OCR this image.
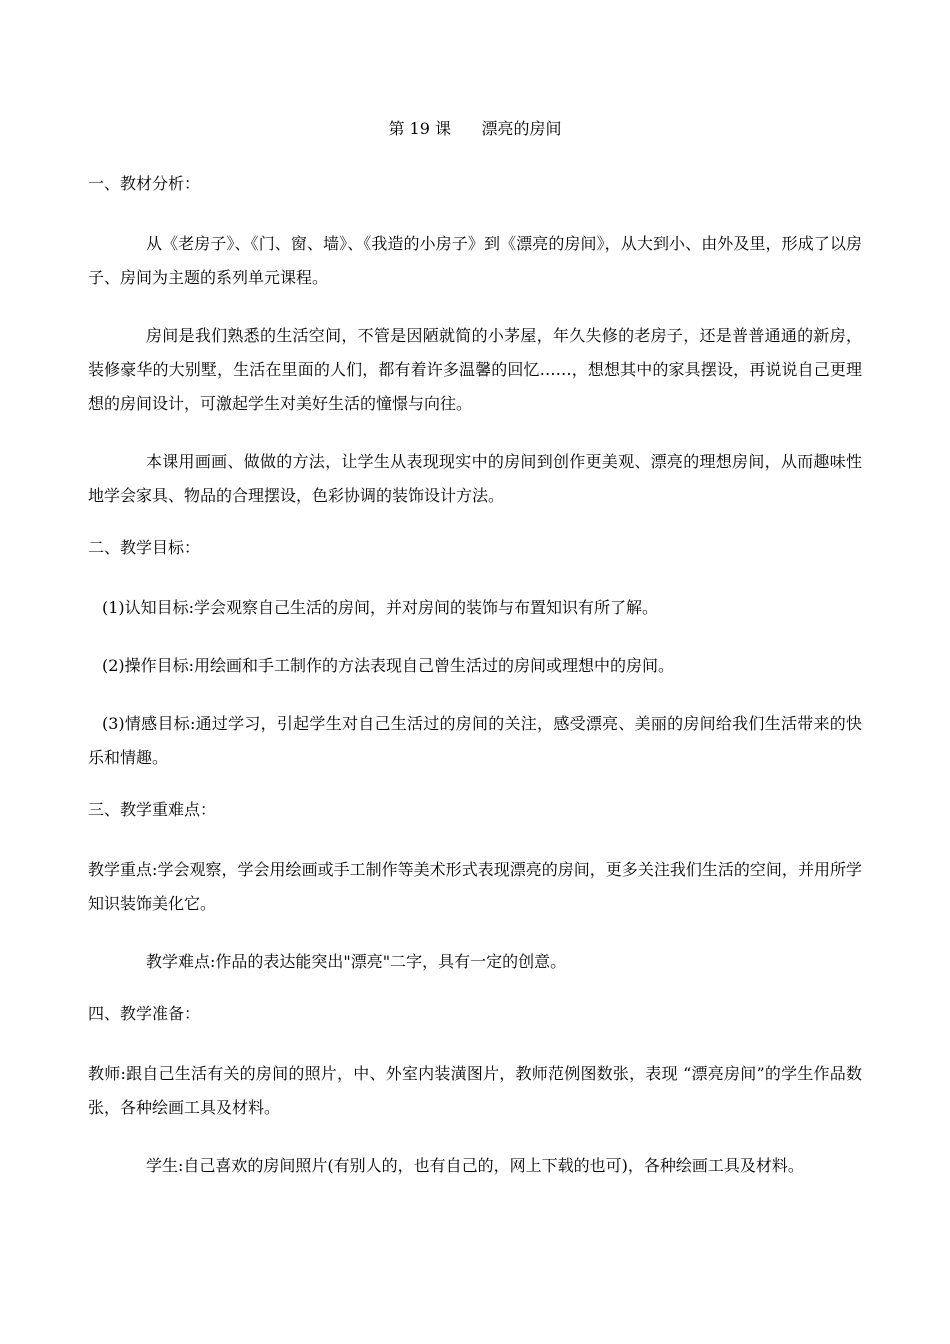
第 19 课      漂亮的房间
一、教材分析：
从《老房子》、《门、窗、墙》、《我造的小房子》到《漂亮的房间》，从大到小、由外及里，形成了以房子、房间为主题的系列单元课程。
房间是我们熟悉的生活空间，不管是因陋就简的小茅屋，年久失修的老房子，还是普普通通的新房，装修豪华的大别墅，生活在里面的人们，都有着许多温馨的回忆……，想想其中的家具摆设，再说说自己更理想的房间设计，可激起学生对美好生活的憧憬与向往。
本课用画画、做做的方法，让学生从表现现实中的房间到创作更美观、漂亮的理想房间，从而趣味性地学会家具、物品的合理摆设，色彩协调的装饰设计方法。
二、教学目标：
(1)认知目标:学会观察自己生活的房间，并对房间的装饰与布置知识有所了解。
(2)操作目标:用绘画和手工制作的方法表现自己曾生活过的房间或理想中的房间。
(3)情感目标:通过学习，引起学生对自己生活过的房间的关注，感受漂亮、美丽的房间给我们生活带来的快乐和情趣。
三、教学重难点：
教学重点:学会观察，学会用绘画或手工制作等美术形式表现漂亮的房间，更多关注我们生活的空间，并用所学知识装饰美化它。
教学难点:作品的表达能突出"漂亮"二字，具有一定的创意。
四、教学准备：
教师:跟自己生活有关的房间的照片，中、外室内装潢图片，教师范例图数张，表现 “漂亮房间”的学生作品数张，各种绘画工具及材料。
学生:自己喜欢的房间照片(有别人的，也有自己的，网上下载的也可)，各种绘画工具及材料。
